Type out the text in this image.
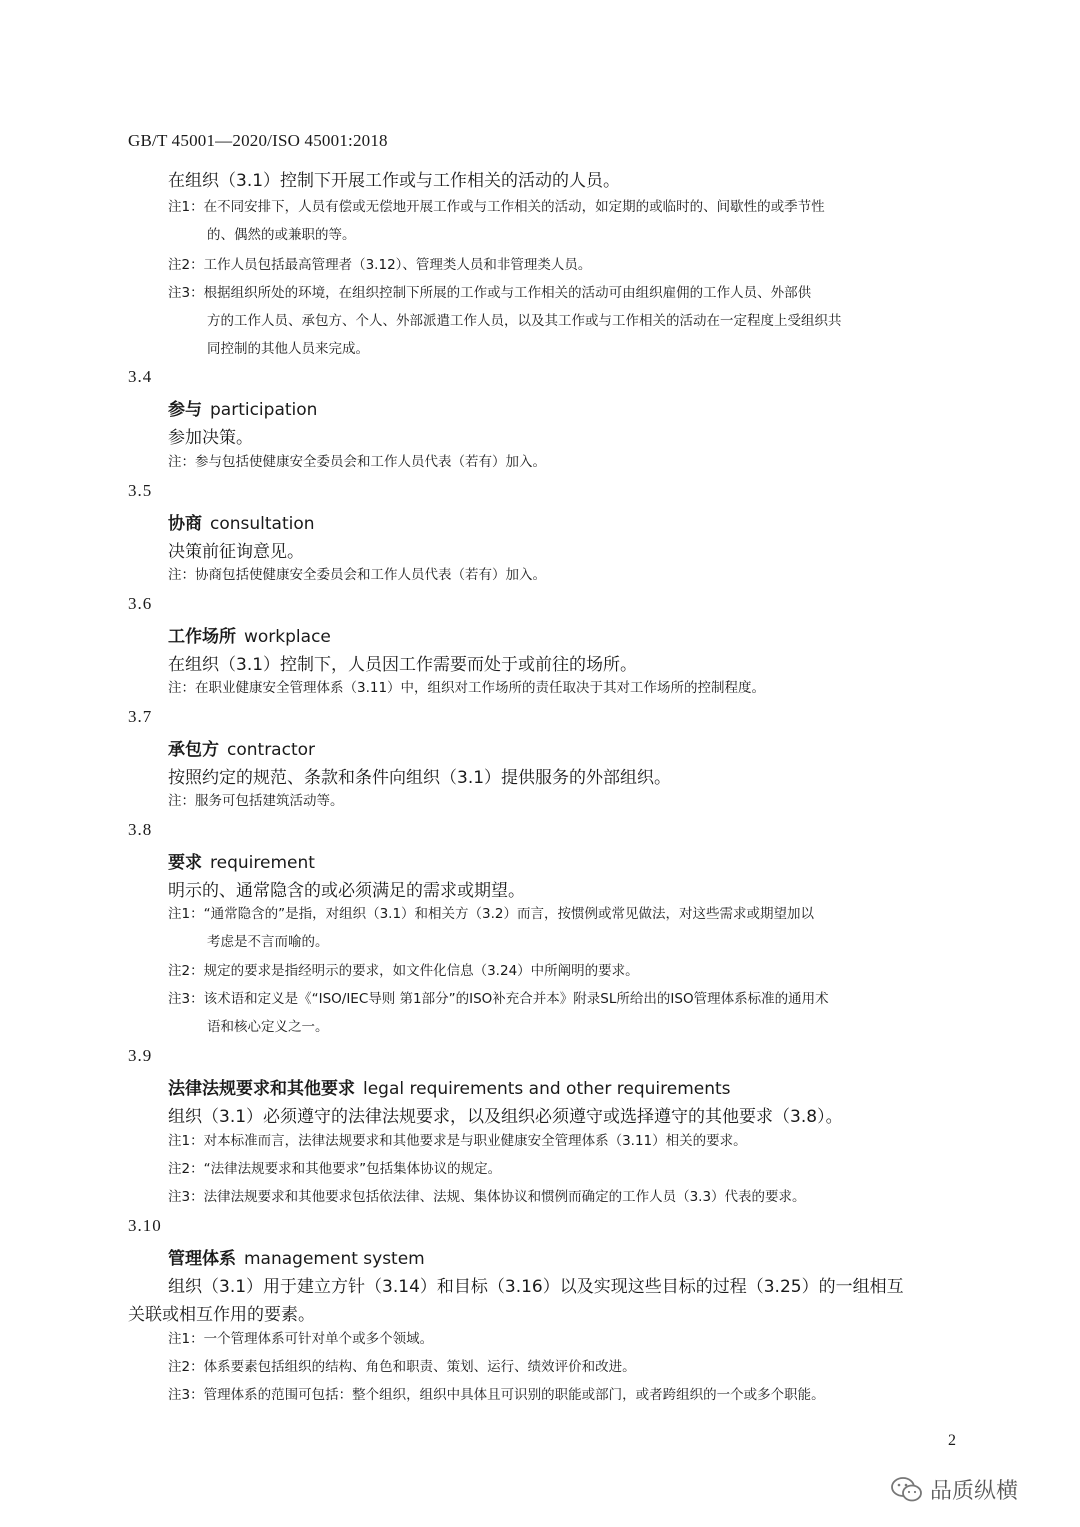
GB/T 45001—2020/ISO 45001:2018
在组织（3.1）控制下开展工作或与工作相关的活动的人员。
注1：在不同安排下，人员有偿或无偿地开展工作或与工作相关的活动，如定期的或临时的、间歇性的或季节性
的、偶然的或兼职的等。
注2：工作人员包括最高管理者（3.12）、管理类人员和非管理类人员。
注3：根据组织所处的环境，在组织控制下所展的工作或与工作相关的活动可由组织雇佣的工作人员、外部供
方的工作人员、承包方、个人、外部派遣工作人员，以及其工作或与工作相关的活动在一定程度上受组织共
同控制的其他人员来完成。
3.4
参与 participation
参加决策。
注：参与包括使健康安全委员会和工作人员代表（若有）加入。
3.5
协商 consultation
决策前征询意见。
注：协商包括使健康安全委员会和工作人员代表（若有）加入。
3.6
工作场所 workplace
在组织（3.1）控制下，人员因工作需要而处于或前往的场所。
注：在职业健康安全管理体系（3.11）中，组织对工作场所的责任取决于其对工作场所的控制程度。
3.7
承包方 contractor
按照约定的规范、条款和条件向组织（3.1）提供服务的外部组织。
注：服务可包括建筑活动等。
3.8
要求 requirement
明示的、通常隐含的或必须满足的需求或期望。
注1：“通常隐含的”是指，对组织（3.1）和相关方（3.2）而言，按惯例或常见做法，对这些需求或期望加以
考虑是不言而喻的。
注2：规定的要求是指经明示的要求，如文件化信息（3.24）中所阐明的要求。
注3：该术语和定义是《“ISO/IEC导则 第1部分”的ISO补充合并本》附录SL所给出的ISO管理体系标准的通用术
语和核心定义之一。
3.9
法律法规要求和其他要求 legal requirements and other requirements
组织（3.1）必须遵守的法律法规要求，以及组织必须遵守或选择遵守的其他要求（3.8）。
注1：对本标准而言，法律法规要求和其他要求是与职业健康安全管理体系（3.11）相关的要求。
注2：“法律法规要求和其他要求”包括集体协议的规定。
注3：法律法规要求和其他要求包括依法律、法规、集体协议和惯例而确定的工作人员（3.3）代表的要求。
3.10
管理体系 management system
组织（3.1）用于建立方针（3.14）和目标（3.16）以及实现这些目标的过程（3.25）的一组相互
关联或相互作用的要素。
注1：一个管理体系可针对单个或多个领域。
注2：体系要素包括组织的结构、角色和职责、策划、运行、绩效评价和改进。
注3：管理体系的范围可包括：整个组织，组织中具体且可识别的职能或部门，或者跨组织的一个或多个职能。
2
品质纵横
